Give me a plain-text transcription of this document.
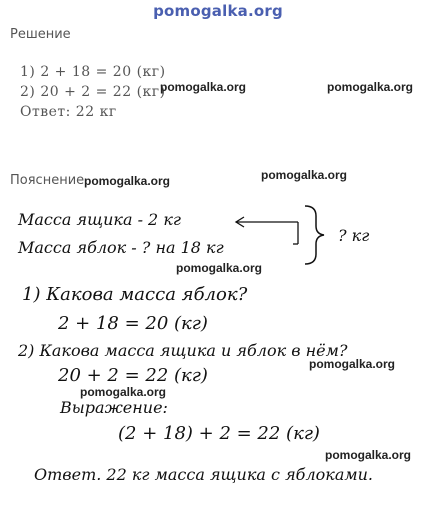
pomogalka.org
Решение
1) 2 + 18 = 20 (кг)
2) 20 + 2 = 22 (кг)
Ответ: 22 кг
pomogalka.org	pomogalka.org
Пояснение pomogalka.org	pomogalka.org
Масса ящика - 2 кг
Масса яблок - ? на 18 кг
? кг
pomogalka.org
1) Какова масса яблок?
2 + 18 = 20 (кг)
2) Какова масса ящика и яблок в нём?
pomogalka.org
20 + 2 = 22 (кг)
pomogalka.org
Выражение:
(2 + 18) + 2 = 22 (кг)
pomogalka.org
Ответ. 22 кг масса ящика с яблоками.
